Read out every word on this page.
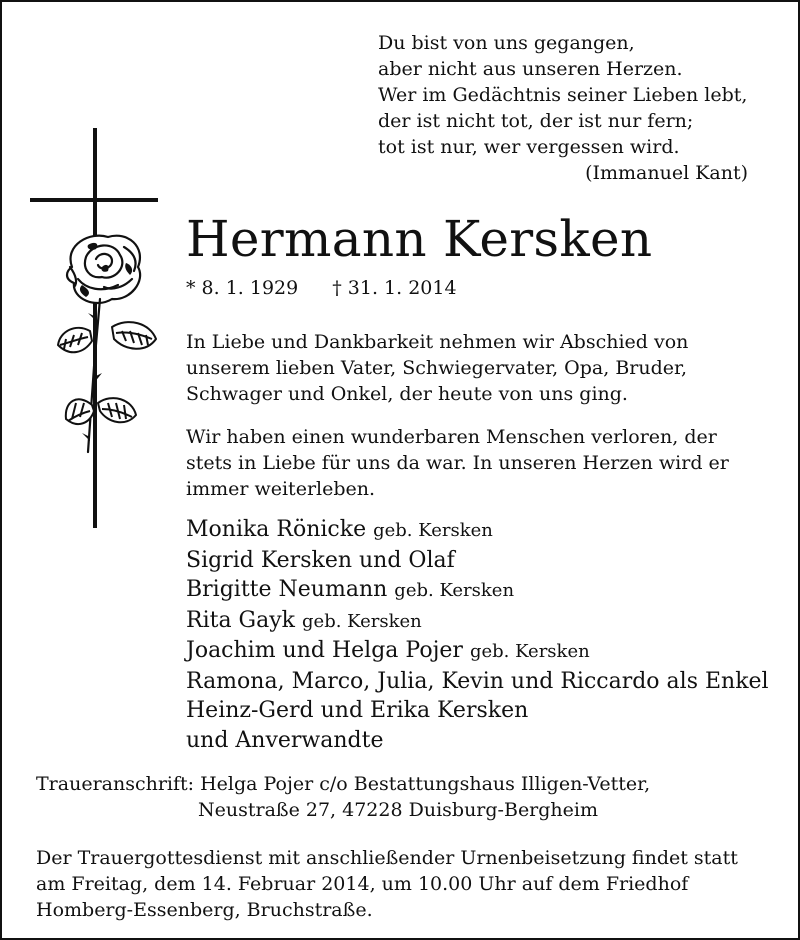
Du bist von uns gegangen,
aber nicht aus unseren Herzen.
Wer im Gedächtnis seiner Lieben lebt,
der ist nicht tot, der ist nur fern;
tot ist nur, wer vergessen wird.
(Immanuel Kant)
Hermann Kersken
* 8. 1. 1929 † 31. 1. 2014
In Liebe und Dankbarkeit nehmen wir Abschied von
unserem lieben Vater, Schwiegervater, Opa, Bruder,
Schwager und Onkel, der heute von uns ging.
Wir haben einen wunderbaren Menschen verloren, der
stets in Liebe für uns da war. In unseren Herzen wird er
immer weiterleben.
Monika Rönicke geb. Kersken
Sigrid Kersken und Olaf
Brigitte Neumann geb. Kersken
Rita Gayk geb. Kersken
Joachim und Helga Pojer geb. Kersken
Ramona, Marco, Julia, Kevin und Riccardo als Enkel
Heinz-Gerd und Erika Kersken
und Anverwandte
Traueranschrift: Helga Pojer c/o Bestattungshaus Illigen-Vetter,
Neustraße 27, 47228 Duisburg-Bergheim
Der Trauergottesdienst mit anschließender Urnenbeisetzung findet statt
am Freitag, dem 14. Februar 2014, um 10.00 Uhr auf dem Friedhof
Homberg-Essenberg, Bruchstraße.
